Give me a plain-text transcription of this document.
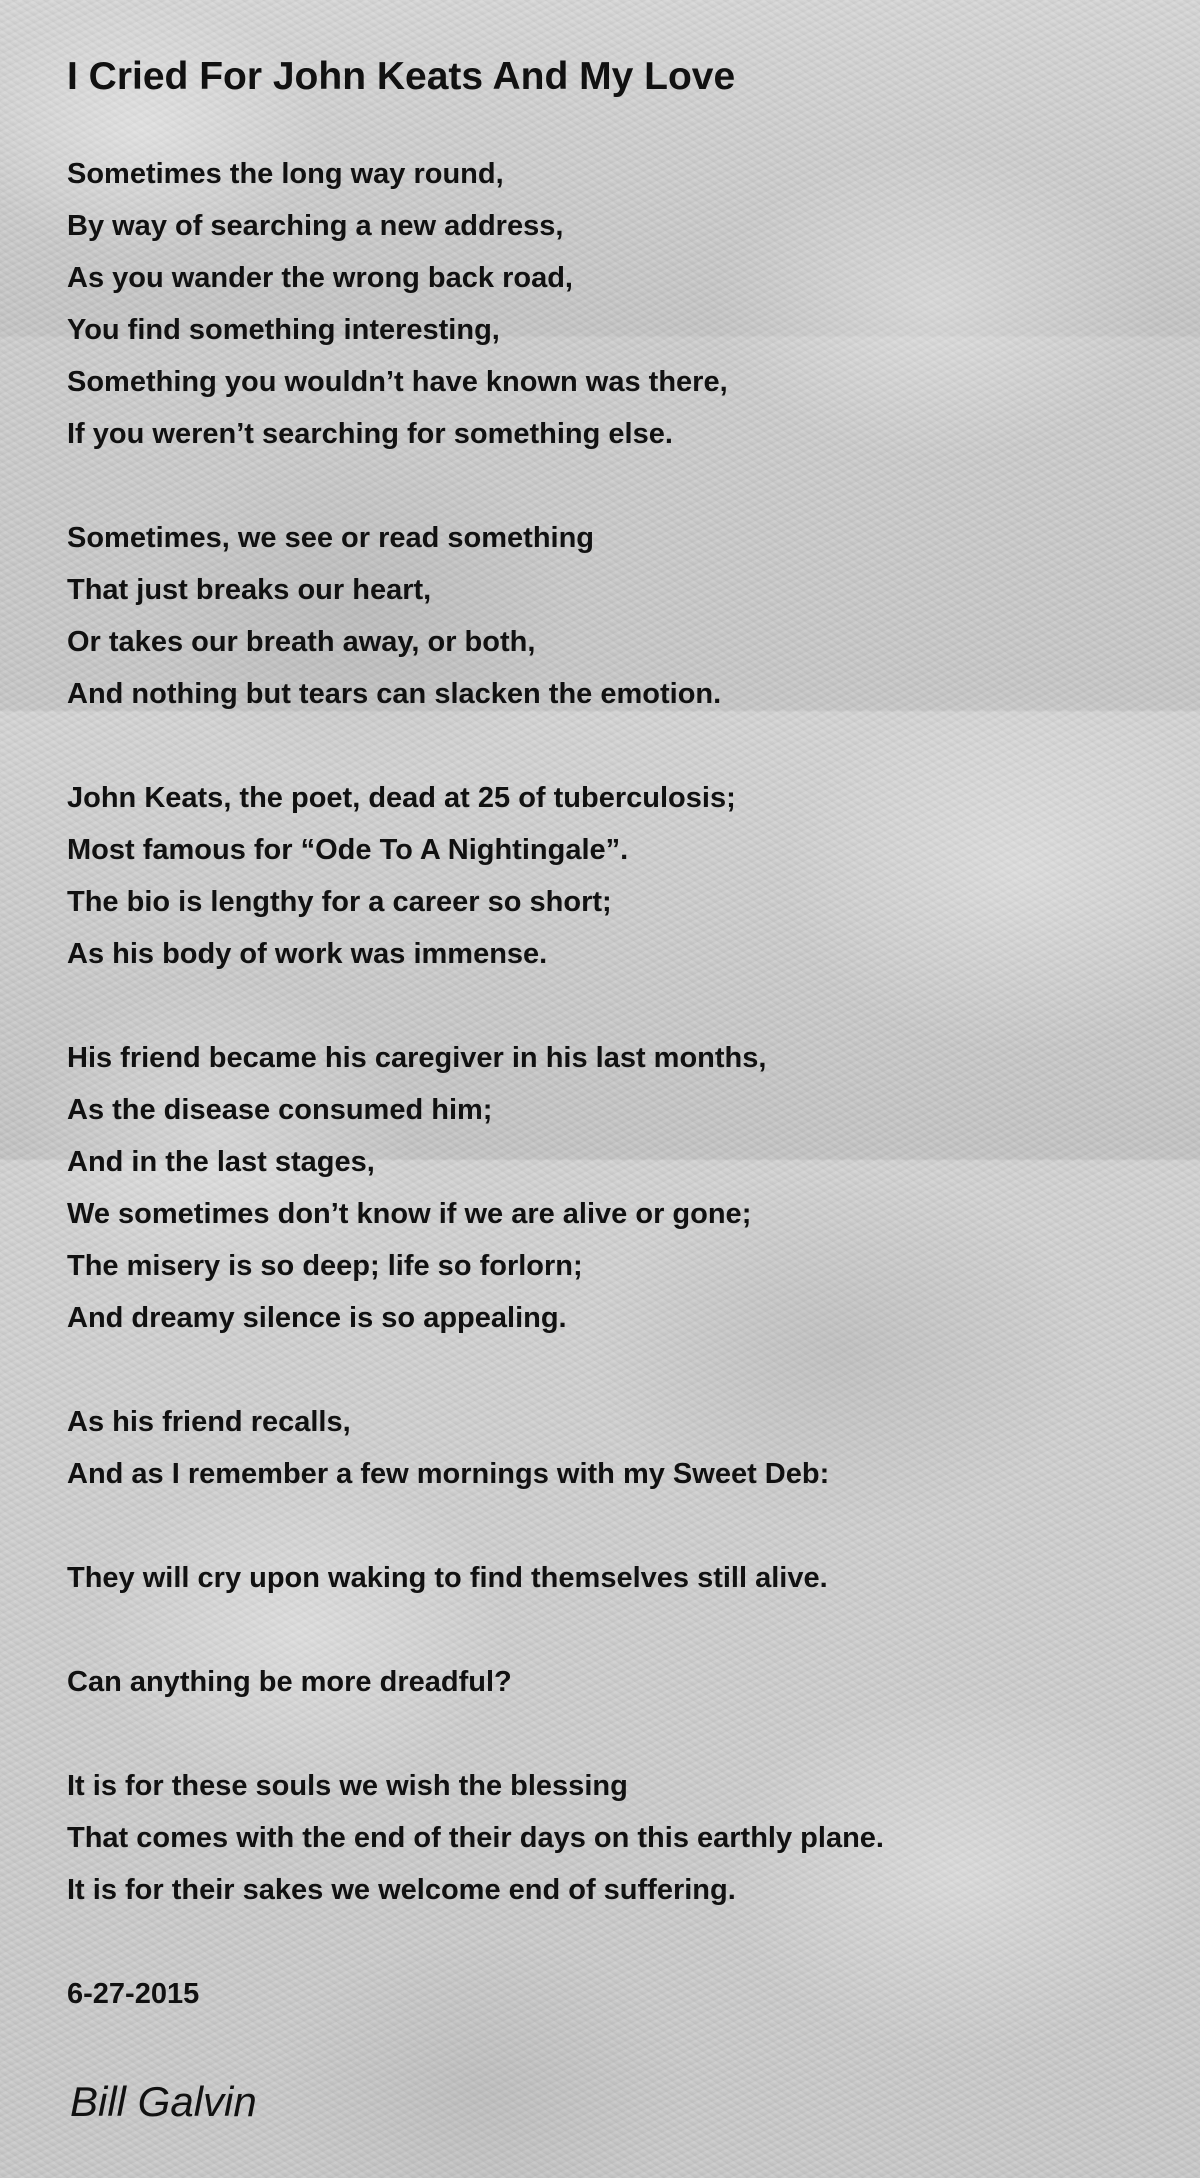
I Cried For John Keats And My Love
Sometimes the long way round,
By way of searching a new address,
As you wander the wrong back road,
You find something interesting,
Something you wouldn’t have known was there,
If you weren’t searching for something else.
Sometimes, we see or read something
That just breaks our heart,
Or takes our breath away, or both,
And nothing but tears can slacken the emotion.
John Keats, the poet, dead at 25 of tuberculosis;
Most famous for “Ode To A Nightingale”.
The bio is lengthy for a career so short;
As his body of work was immense.
His friend became his caregiver in his last months,
As the disease consumed him;
And in the last stages,
We sometimes don’t know if we are alive or gone;
The misery is so deep; life so forlorn;
And dreamy silence is so appealing.
As his friend recalls,
And as I remember a few mornings with my Sweet Deb:
They will cry upon waking to find themselves still alive.
Can anything be more dreadful?
It is for these souls we wish the blessing
That comes with the end of their days on this earthly plane.
It is for their sakes we welcome end of suffering.
6-27-2015
Bill Galvin
